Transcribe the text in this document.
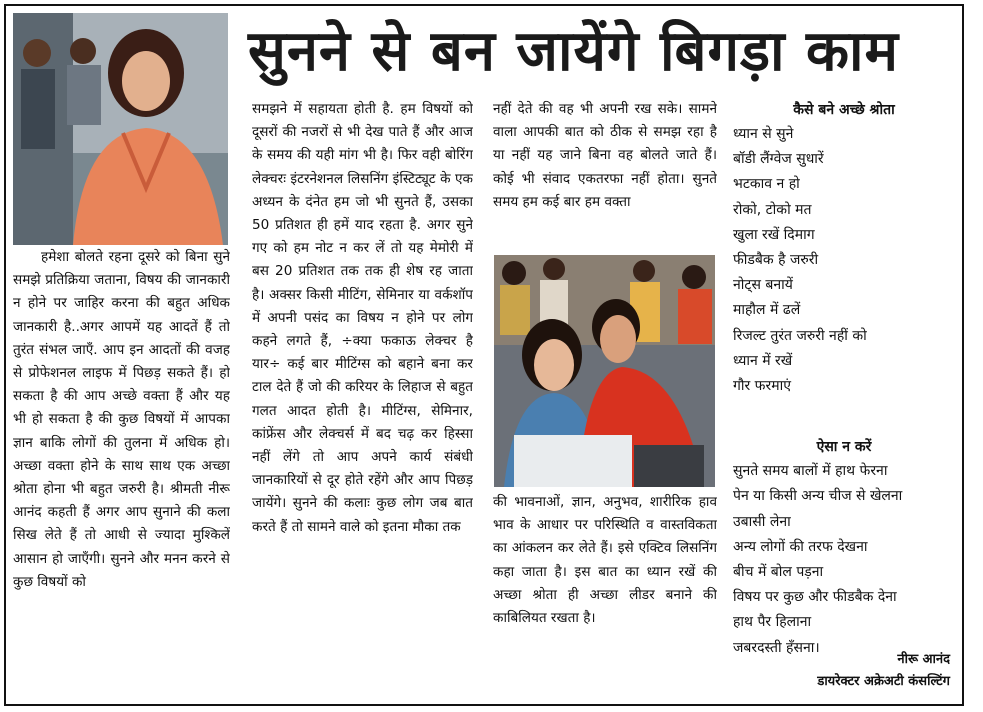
सुनने से बन जायेंगे बिगड़ा काम

हमेशा बोलते रहना दूसरे को बिना सुने समझे प्रतिक्रिया जताना, विषय की जानकारी न होने पर जाहिर करना की बहुत अधिक जानकारी है..अगर आपमें यह आदतें हैं तो तुरंत संभल जाएँ. आप इन आदतों की वजह से प्रोफेशनल लाइफ में पिछड़ सकते हैं। हो सकता है की आप अच्छे वक्ता हैं और यह भी हो सकता है की कुछ विषयों में आपका ज्ञान बाकि लोगों की तुलना में अधिक हो। अच्छा वक्ता होने के साथ साथ एक अच्छा श्रोता होना भी बहुत जरुरी है। श्रीमती नीरू आनंद कहती हैं अगर आप सुनाने की कला सिख लेते हैं तो आधी से ज्यादा मुश्किलें आसान हो जाएँगी। सुनने और मनन करने से कुछ विषयों को

समझने में सहायता होती है. हम विषयों को दूसरों की नजरों से भी देख पाते हैं और आज के समय की यही मांग भी है। फिर वही बोरिंग लेक्चरः इंटरनेशनल लिसनिंग इंस्टिट्यूट के एक अध्यन के दंनेत हम जो भी सुनते हैं, उसका 50 प्रतिशत ही हमें याद रहता है. अगर सुने गए को हम नोट न कर लें तो यह मेमोरी में बस 20 प्रतिशत तक तक ही शेष रह जाता है। अक्सर किसी मीटिंग, सेमिनार या वर्कशॉप में अपनी पसंद का विषय न होने पर लोग कहने लगते हैं, ÷क्या फकाऊ लेक्चर है यार÷ कई बार मीटिंग्स को बहाने बना कर टाल देते हैं जो की करियर के लिहाज से बहुत गलत आदत होती है। मीटिंग्स, सेमिनार, कांफ्रेंस और लेक्चर्स में बद चढ़ कर हिस्सा नहीं लेंगे तो आप अपने कार्य संबंधी जानकारियों से दूर होते रहेंगे और आप पिछड़ जायेंगे। सुनने की कलाः कुछ लोग जब बात करते हैं तो सामने वाले को इतना मौका तक

नहीं देते की वह भी अपनी रख सके। सामने वाला आपकी बात को ठीक से समझ रहा है या नहीं यह जाने बिना वह बोलते जाते हैं। कोई भी संवाद एकतरफा नहीं होता। सुनते समय हम कई बार हम वक्ता

की भावनाओं, ज्ञान, अनुभव, शारीरिक हाव भाव के आधार पर परिस्थिति व वास्तविकता का आंकलन कर लेते हैं। इसे एक्टिव लिसनिंग कहा जाता है। इस बात का ध्यान रखें की अच्छा श्रोता ही अच्छा लीडर बनाने की काबिलियत रखता है।

कैसे बने अच्छे श्रोता
ध्यान से सुने
बॉडी लैंग्वेज सुधारें
भटकाव न हो
रोको, टोको मत
खुला रखें दिमाग
फीडबैक है जरुरी
नोट्स बनायें
माहौल में ढलें
रिजल्ट तुरंत जरुरी नहीं को
ध्यान में रखें
गौर फरमाएं
ऐसा न करें
सुनते समय बालों में हाथ फेरना
पेन या किसी अन्य चीज से खेलना
उबासी लेना
अन्य लोगों की तरफ देखना
बीच में बोल पड़ना
विषय पर कुछ और फीडबैक देना
हाथ पैर हिलाना
जबरदस्ती हँसना।
नीरू आनंद
डायरेक्टर अक्रेअटी कंसल्टिंग
